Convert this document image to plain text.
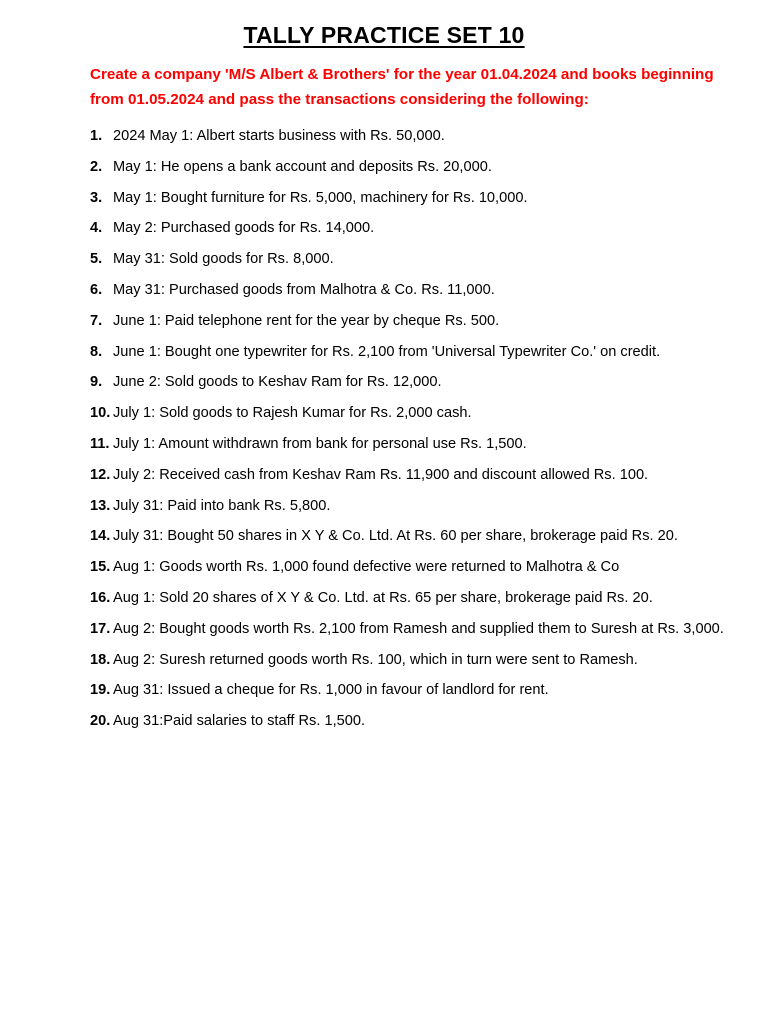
TALLY PRACTICE SET 10
Create a company 'M/S Albert & Brothers' for the year 01.04.2024 and books beginning from 01.05.2024 and pass the transactions considering the following:
1. 2024 May 1: Albert starts business with Rs. 50,000.
2. May 1: He opens a bank account and deposits Rs. 20,000.
3. May 1: Bought furniture for Rs. 5,000, machinery for Rs. 10,000.
4. May 2: Purchased goods for Rs. 14,000.
5. May 31: Sold goods for Rs. 8,000.
6. May 31: Purchased goods from Malhotra & Co. Rs. 11,000.
7. June 1: Paid telephone rent for the year by cheque Rs. 500.
8. June 1: Bought one typewriter for Rs. 2,100 from 'Universal Typewriter Co.' on credit.
9. June 2: Sold goods to Keshav Ram for Rs. 12,000.
10. July 1: Sold goods to Rajesh Kumar for Rs. 2,000 cash.
11. July 1: Amount withdrawn from bank for personal use Rs. 1,500.
12. July 2: Received cash from Keshav Ram Rs. 11,900 and discount allowed Rs. 100.
13. July 31: Paid into bank Rs. 5,800.
14. July 31: Bought 50 shares in X Y & Co. Ltd. At Rs. 60 per share, brokerage paid Rs. 20.
15. Aug 1: Goods worth Rs. 1,000 found defective were returned to Malhotra & Co
16. Aug 1: Sold 20 shares of X Y & Co. Ltd. at Rs. 65 per share, brokerage paid Rs. 20.
17. Aug 2: Bought goods worth Rs. 2,100 from Ramesh and supplied them to Suresh at Rs. 3,000.
18. Aug 2: Suresh returned goods worth Rs. 100, which in turn were sent to Ramesh.
19. Aug 31: Issued a cheque for Rs. 1,000 in favour of landlord for rent.
20. Aug 31:Paid salaries to staff Rs. 1,500.
